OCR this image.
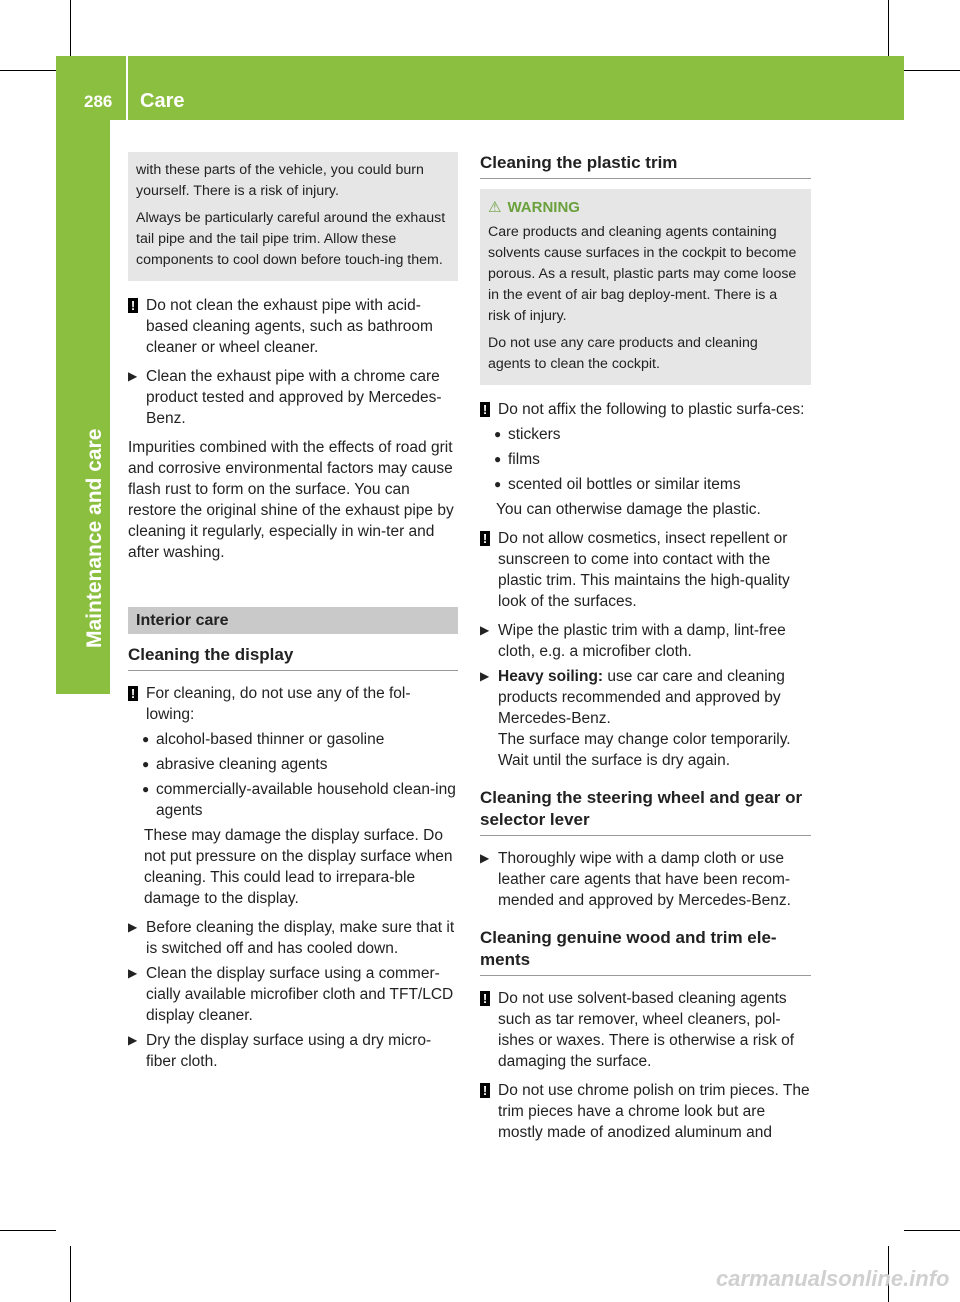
286 Care
Maintenance and care

with these parts of the vehicle, you could burn yourself. There is a risk of injury.

Always be particularly careful around the exhaust tail pipe and the tail pipe trim. Allow these components to cool down before touch-ing them.

! Do not clean the exhaust pipe with acid-based cleaning agents, such as bathroom cleaner or wheel cleaner.

▶ Clean the exhaust pipe with a chrome care product tested and approved by Mercedes-Benz.

Impurities combined with the effects of road grit and corrosive environmental factors may cause flash rust to form on the surface. You can restore the original shine of the exhaust pipe by cleaning it regularly, especially in win-ter and after washing.

Interior care
Cleaning the display
! For cleaning, do not use any of the fol-lowing:

● alcohol-based thinner or gasoline

● abrasive cleaning agents

● commercially-available household clean-ing agents

These may damage the display surface. Do not put pressure on the display surface when cleaning. This could lead to irrepara-ble damage to the display.

▶ Before cleaning the display, make sure that it is switched off and has cooled down.

▶ Clean the display surface using a commer-cially available microfiber cloth and TFT/LCD display cleaner.

▶ Dry the display surface using a dry micro-fiber cloth.

Cleaning the plastic trim

⚠ WARNING

Care products and cleaning agents containing solvents cause surfaces in the cockpit to become porous. As a result, plastic parts may come loose in the event of air bag deploy-ment. There is a risk of injury.

Do not use any care products and cleaning agents to clean the cockpit.

! Do not affix the following to plastic surfa-ces:

● stickers

● films

● scented oil bottles or similar items

You can otherwise damage the plastic.

! Do not allow cosmetics, insect repellent or sunscreen to come into contact with the plastic trim. This maintains the high-quality look of the surfaces.

▶ Wipe the plastic trim with a damp, lint-free cloth, e.g. a microfiber cloth.

▶ Heavy soiling: use car care and cleaning products recommended and approved by Mercedes-Benz.

The surface may change color temporarily. Wait until the surface is dry again.

Cleaning the steering wheel and gear or selector lever
▶ Thoroughly wipe with a damp cloth or use leather care agents that have been recom-mended and approved by Mercedes-Benz.

Cleaning genuine wood and trim ele-ments
! Do not use solvent-based cleaning agents such as tar remover, wheel cleaners, pol-ishes or waxes. There is otherwise a risk of damaging the surface.

! Do not use chrome polish on trim pieces. The trim pieces have a chrome look but are mostly made of anodized aluminum and

carmanualsonline.info
